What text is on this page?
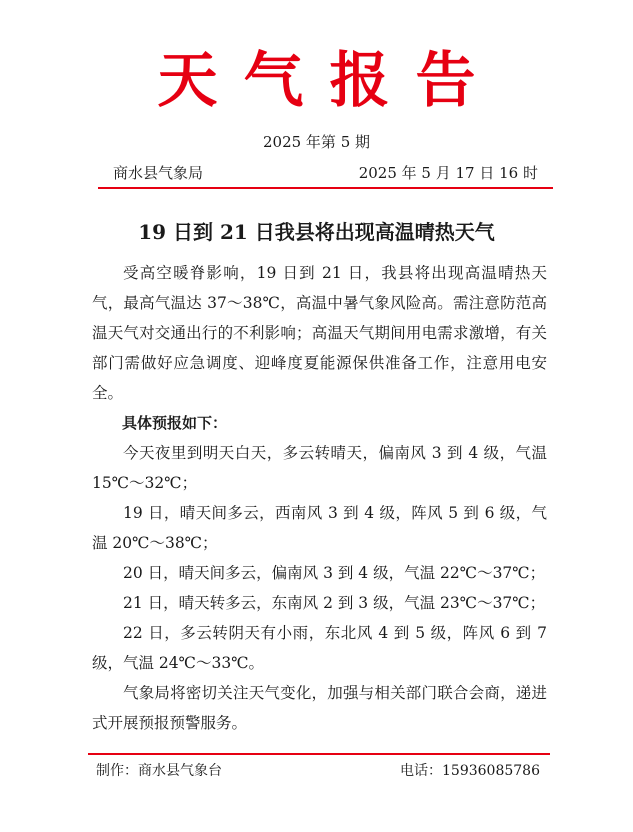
天气报告
2025 年第 5 期
商水县气象局	2025 年 5 月 17 日 16 时
19 日到 21 日我县将出现高温晴热天气

受高空暖脊影响，19 日到 21 日，我县将出现高温晴热天气，最高气温达 37～38℃，高温中暑气象风险高。需注意防范高温天气对交通出行的不利影响；高温天气期间用电需求激增，有关部门需做好应急调度、迎峰度夏能源保供准备工作，注意用电安全。

具体预报如下：

今天夜里到明天白天，多云转晴天，偏南风 3 到 4 级，气温 15℃～32℃；

19 日，晴天间多云，西南风 3 到 4 级，阵风 5 到 6 级，气温 20℃～38℃；

20 日，晴天间多云，偏南风 3 到 4 级，气温 22℃～37℃；

21 日，晴天转多云，东南风 2 到 3 级，气温 23℃～37℃；

22 日，多云转阴天有小雨，东北风 4 到 5 级，阵风 6 到 7 级，气温 24℃～33℃。

气象局将密切关注天气变化，加强与相关部门联合会商，递进式开展预报预警服务。

制作：商水县气象台	电话：15936085786
